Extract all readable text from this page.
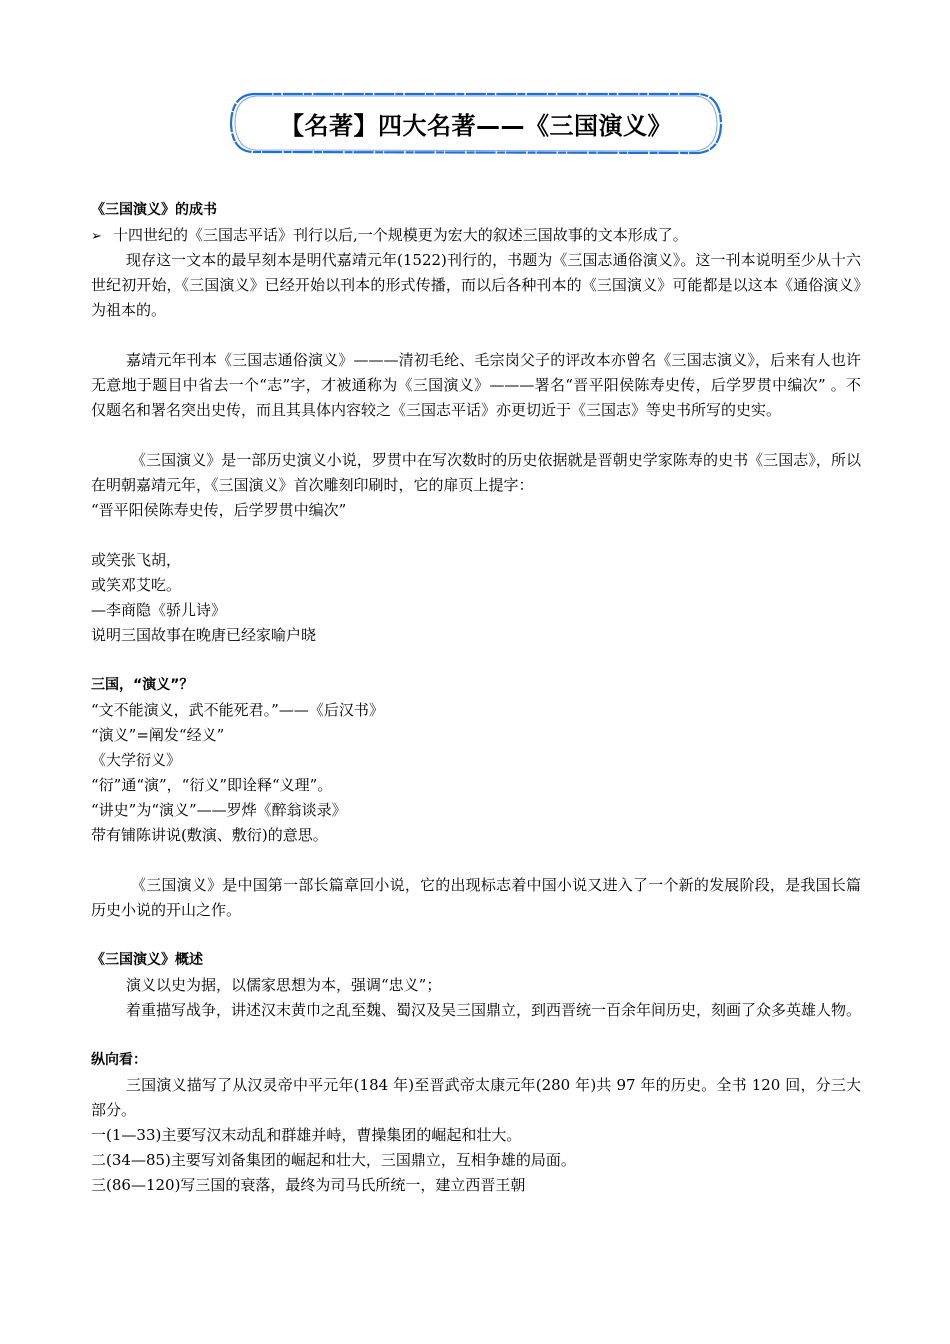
【名著】四大名著——《三国演义》
《三国演义》的成书
➢ 十四世纪的《三国志平话》刊行以后,一个规模更为宏大的叙述三国故事的文本形成了。
现存这一文本的最早刻本是明代嘉靖元年(1522)刊行的，书题为《三国志通俗演义》。这一刊本说明至少从十六世纪初开始，《三国演义》已经开始以刊本的形式传播，而以后各种刊本的《三国演义》可能都是以这本《通俗演义》为祖本的。
嘉靖元年刊本《三国志通俗演义》———清初毛纶、毛宗岗父子的评改本亦曾名《三国志演义》，后来有人也许无意地于题目中省去一个“志”字，才被通称为《三国演义》———署名“晋平阳侯陈寿史传，后学罗贯中编次” 。不仅题名和署名突出史传，而且其具体内容较之《三国志平话》亦更切近于《三国志》等史书所写的史实。
《三国演义》是一部历史演义小说，罗贯中在写次数时的历史依据就是晋朝史学家陈寿的史书《三国志》，所以在明朝嘉靖元年，《三国演义》首次雕刻印刷时，它的扉页上提字：
“晋平阳侯陈寿史传，后学罗贯中编次”
或笑张飞胡，
或笑邓艾吃。
—李商隐《骄儿诗》
说明三国故事在晚唐已经家喻户晓
三国，“演义”？
“文不能演义，武不能死君。”——《后汉书》
“演义”=阐发“经义”
《大学衍义》
“衍”通“演”，“衍义”即诠释“义理”。
“讲史”为“演义”——罗烨《醉翁谈录》
带有铺陈讲说(敷演、敷衍)的意思。
《三国演义》是中国第一部长篇章回小说，它的出现标志着中国小说又进入了一个新的发展阶段，是我国长篇历史小说的开山之作。
《三国演义》概述
演义以史为据，以儒家思想为本，强调“忠义”；
着重描写战争，讲述汉末黄巾之乱至魏、蜀汉及吴三国鼎立，到西晋统一百余年间历史，刻画了众多英雄人物。
纵向看：
三国演义描写了从汉灵帝中平元年(184 年)至晋武帝太康元年(280 年)共 97 年的历史。全书 120 回，分三大部分。
一(1—33)主要写汉末动乱和群雄并峙，曹操集团的崛起和壮大。
二(34—85)主要写刘备集团的崛起和壮大，三国鼎立，互相争雄的局面。
三(86—120)写三国的衰落，最终为司马氏所统一，建立西晋王朝
